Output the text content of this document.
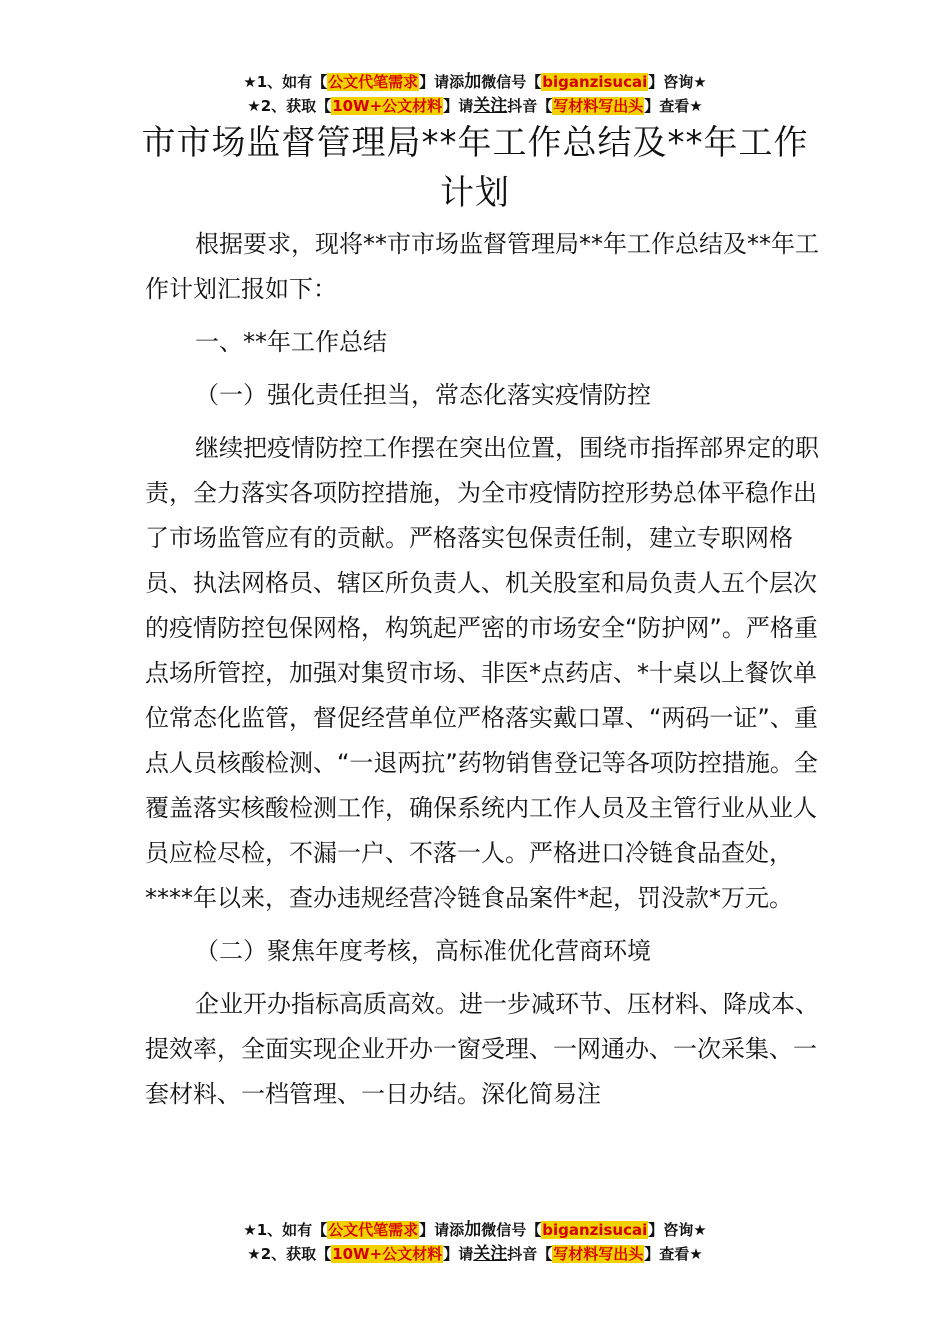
★1、如有【公文代笔需求】请添加微信号【biganzisucai】咨询★
★2、获取【10W+公文材料】请关注抖音【写材料写出头】查看★
市市场监督管理局**年工作总结及**年工作计划

根据要求，现将**市市场监督管理局**年工作总结及**年工作计划汇报如下：

一、**年工作总结

（一）强化责任担当，常态化落实疫情防控

继续把疫情防控工作摆在突出位置，围绕市指挥部界定的职责，全力落实各项防控措施，为全市疫情防控形势总体平稳作出了市场监管应有的贡献。严格落实包保责任制，建立专职网格员、执法网格员、辖区所负责人、机关股室和局负责人五个层次的疫情防控包保网格，构筑起严密的市场安全“防护网”。严格重点场所管控，加强对集贸市场、非医*点药店、*十桌以上餐饮单位常态化监管，督促经营单位严格落实戴口罩、“两码一证”、重点人员核酸检测、“一退两抗”药物销售登记等各项防控措施。全覆盖落实核酸检测工作，确保系统内工作人员及主管行业从业人员应检尽检，不漏一户、不落一人。严格进口冷链食品查处，****年以来，查办违规经营冷链食品案件*起，罚没款*万元。

（二）聚焦年度考核，高标准优化营商环境

企业开办指标高质高效。进一步减环节、压材料、降成本、提效率，全面实现企业开办一窗受理、一网通办、一次采集、一套材料、一档管理、一日办结。深化简易注

★1、如有【公文代笔需求】请添加微信号【biganzisucai】咨询★
★2、获取【10W+公文材料】请关注抖音【写材料写出头】查看★
